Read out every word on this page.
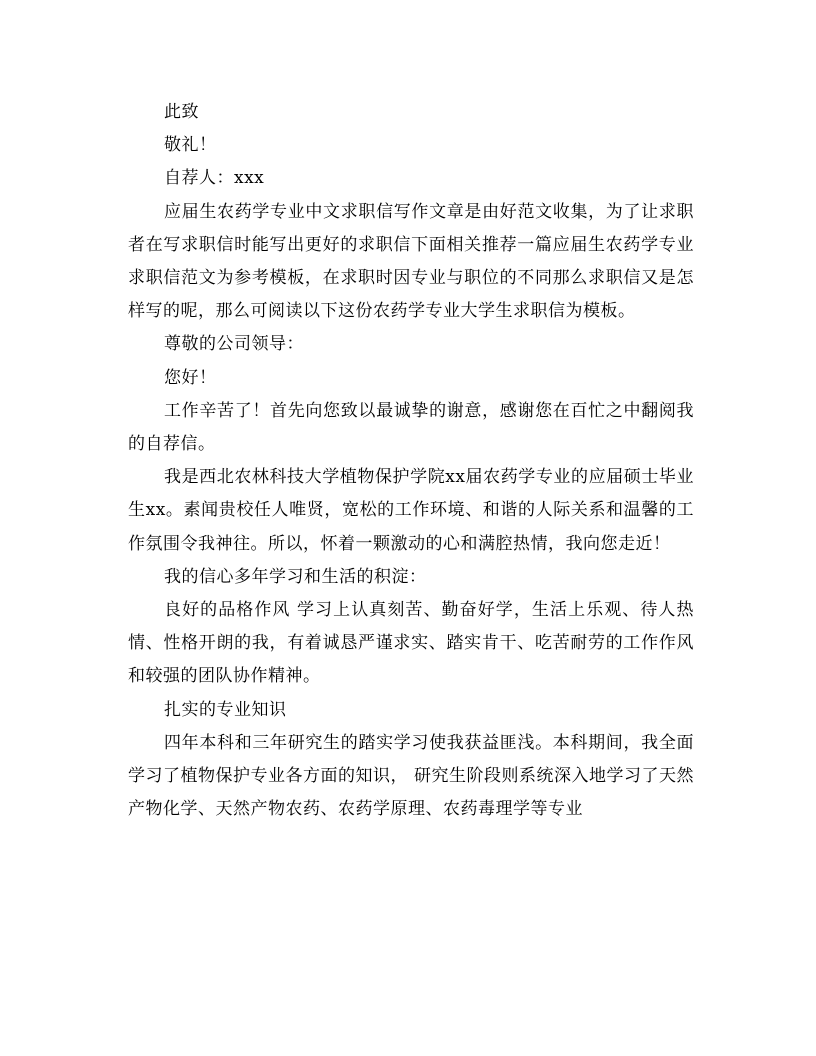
此致

敬礼！

自荐人：xxx

应届生农药学专业中文求职信写作文章是由好范文收集，为了让求职者在写求职信时能写出更好的求职信下面相关推荐一篇应届生农药学专业求职信范文为参考模板，在求职时因专业与职位的不同那么求职信又是怎样写的呢，那么可阅读以下这份农药学专业大学生求职信为模板。

尊敬的公司领导：

您好！

工作辛苦了！首先向您致以最诚挚的谢意，感谢您在百忙之中翻阅我的自荐信。

我是西北农林科技大学植物保护学院xx届农药学专业的应届硕士毕业生xx。素闻贵校任人唯贤，宽松的工作环境、和谐的人际关系和温馨的工作氛围令我神往。所以，怀着一颗激动的心和满腔热情，我向您走近！

我的信心多年学习和生活的积淀：

良好的品格作风 学习上认真刻苦、勤奋好学，生活上乐观、待人热情、性格开朗的我，有着诚恳严谨求实、踏实肯干、吃苦耐劳的工作作风和较强的团队协作精神。

扎实的专业知识

四年本科和三年研究生的踏实学习使我获益匪浅。本科期间，我全面学习了植物保护专业各方面的知识， 研究生阶段则系统深入地学习了天然产物化学、天然产物农药、农药学原理、农药毒理学等专业
